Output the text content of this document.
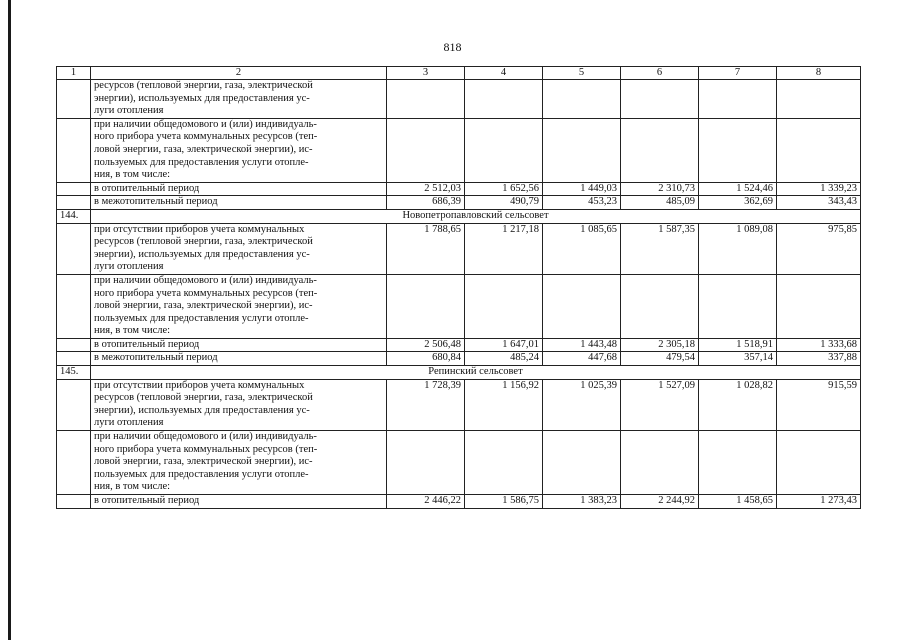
818
1	2	3	4	5	6	7	8
	ресурсов (тепловой энергии, газа, электрической
энергии), используемых для предоставления ус-
луги отопления						
	при наличии общедомового и (или) индивидуаль-
ного прибора учета коммунальных ресурсов (теп-
ловой энергии, газа, электрической энергии), ис-
пользуемых для предоставления услуги отопле-
ния, в том числе:						
	в отопительный период	2 512,03	1 652,56	1 449,03	2 310,73	1 524,46	1 339,23
	в межотопительный период	686,39	490,79	453,23	485,09	362,69	343,43
144.	Новопетропавловский сельсовет						
	при отсутствии приборов учета коммунальных
ресурсов (тепловой энергии, газа, электрической
энергии), используемых для предоставления ус-
луги отопления	1 788,65	1 217,18	1 085,65	1 587,35	1 089,08	975,85
	при наличии общедомового и (или) индивидуаль-
ного прибора учета коммунальных ресурсов (теп-
ловой энергии, газа, электрической энергии), ис-
пользуемых для предоставления услуги отопле-
ния, в том числе:						
	в отопительный период	2 506,48	1 647,01	1 443,48	2 305,18	1 518,91	1 333,68
	в межотопительный период	680,84	485,24	447,68	479,54	357,14	337,88
145.	Репинский сельсовет						
	при отсутствии приборов учета коммунальных
ресурсов (тепловой энергии, газа, электрической
энергии), используемых для предоставления ус-
луги отопления	1 728,39	1 156,92	1 025,39	1 527,09	1 028,82	915,59
	при наличии общедомового и (или) индивидуаль-
ного прибора учета коммунальных ресурсов (теп-
ловой энергии, газа, электрической энергии), ис-
пользуемых для предоставления услуги отопле-
ния, в том числе:						
	в отопительный период	2 446,22	1 586,75	1 383,23	2 244,92	1 458,65	1 273,43
